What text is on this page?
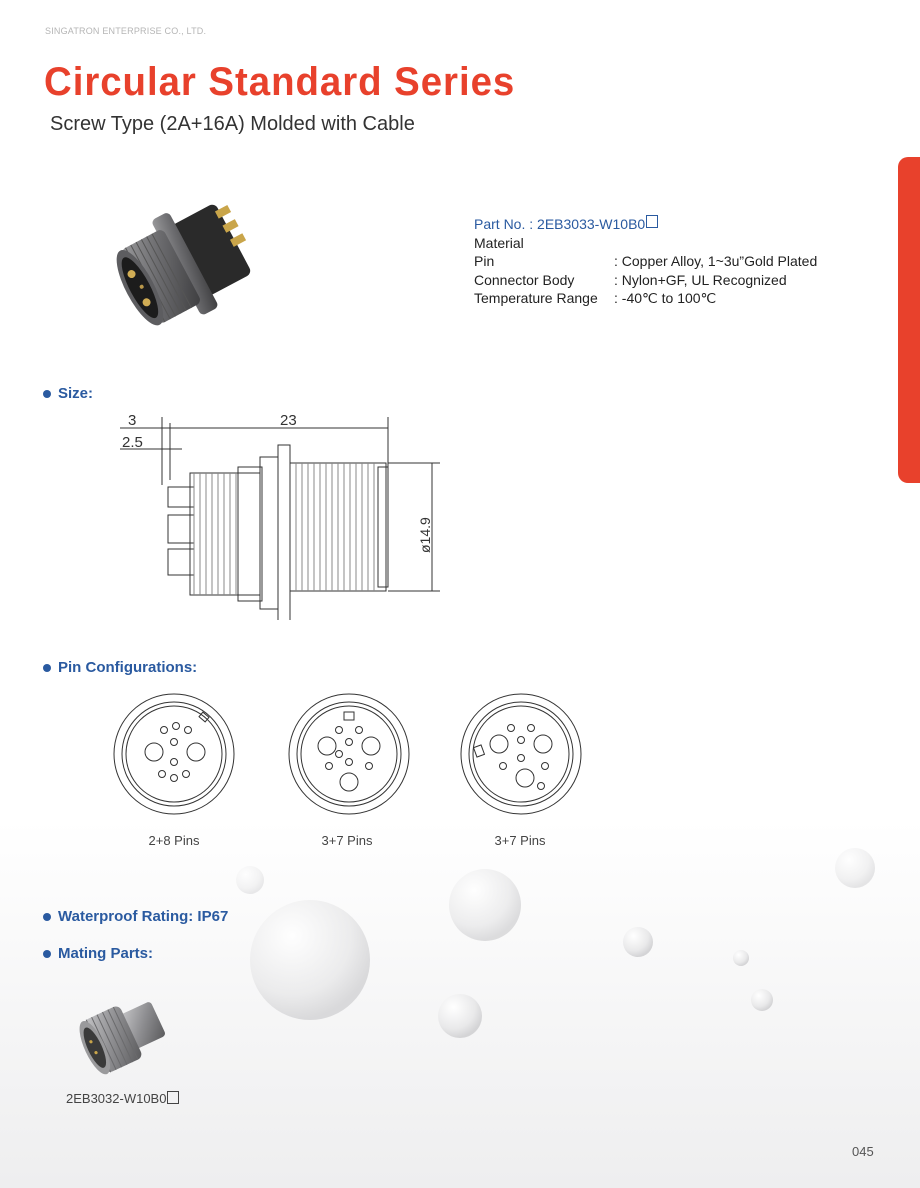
SINGATRON ENTERPRISE CO., LTD.
Circular Standard Series
Screw Type (2A+16A) Molded with Cable
Part No. :
2EB3033-W10B0
Material
Pin	: Copper Alloy, 1~3u”Gold Plated
Connector Body	: Nylon+GF, UL Recognized
Temperature Range	: -40℃ to 100℃
Size:
3
2.5
23
ø14.9
Pin Configurations:
2+8 Pins	3+7 Pins	3+7 Pins
Waterproof Rating: IP67
Mating Parts:
2EB3032-W10B0
045
